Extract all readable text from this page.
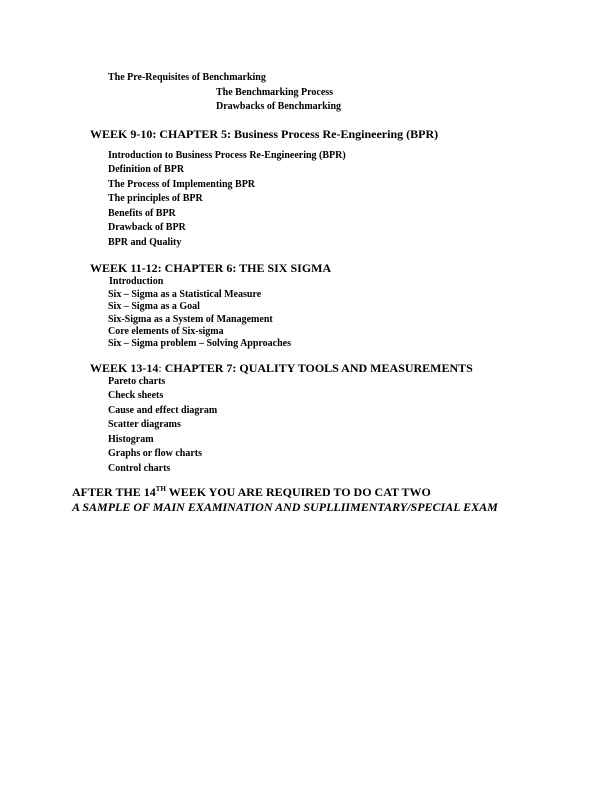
The Pre-Requisites of Benchmarking
The Benchmarking Process
Drawbacks of Benchmarking
WEEK 9-10: CHAPTER 5: Business Process Re-Engineering (BPR)
Introduction to Business Process Re-Engineering (BPR)
Definition of BPR
The Process of Implementing BPR
The principles of BPR
Benefits of BPR
Drawback of BPR
BPR and Quality
WEEK 11-12: CHAPTER 6: THE SIX SIGMA
Introduction
Six – Sigma as a Statistical Measure
Six – Sigma as a Goal
Six-Sigma as a System of Management
Core elements of Six-sigma
Six – Sigma problem – Solving Approaches
WEEK 13-14: CHAPTER 7: QUALITY TOOLS AND MEASUREMENTS
Pareto charts
Check sheets
Cause and effect diagram
Scatter diagrams
Histogram
Graphs or flow charts
Control charts
AFTER THE 14TH WEEK YOU ARE REQUIRED TO DO CAT TWO
A SAMPLE OF MAIN EXAMINATION AND SUPLLIIMENTARY/SPECIAL EXAM
